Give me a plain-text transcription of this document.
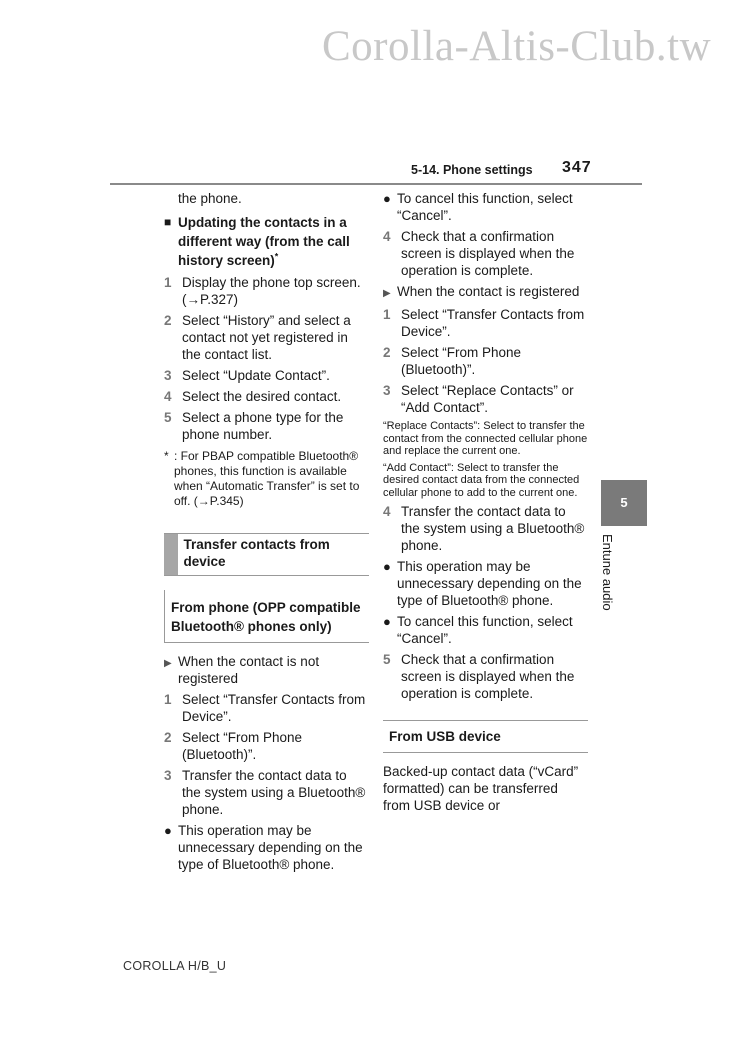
Corolla-Altis-Club.tw
5-14. Phone settings 347
the phone.
■ Updating the contacts in a different way (from the call history screen)*
1 Display the phone top screen. (→P.327)
2 Select “History” and select a contact not yet registered in the contact list.
3 Select “Update Contact”.
4 Select the desired contact.
5 Select a phone type for the phone number.
* : For PBAP compatible Bluetooth® phones, this function is available when “Automatic Transfer” is set to off. (→P.345)
Transfer contacts from device
From phone (OPP compatible Bluetooth® phones only)
▶ When the contact is not registered
1 Select “Transfer Contacts from Device”.
2 Select “From Phone (Bluetooth)”.
3 Transfer the contact data to the system using a Bluetooth® phone.
● This operation may be unnecessary depending on the type of Bluetooth® phone.
● To cancel this function, select “Cancel”.
4 Check that a confirmation screen is displayed when the operation is complete.
▶ When the contact is registered
1 Select “Transfer Contacts from Device”.
2 Select “From Phone (Bluetooth)”.
3 Select “Replace Contacts” or “Add Contact”.
“Replace Contacts”: Select to transfer the contact from the connected cellular phone and replace the current one.
“Add Contact”: Select to transfer the desired contact data from the connected cellular phone to add to the current one.
4 Transfer the contact data to the system using a Bluetooth® phone.
● This operation may be unnecessary depending on the type of Bluetooth® phone.
● To cancel this function, select “Cancel”.
5 Check that a confirmation screen is displayed when the operation is complete.
From USB device
Backed-up contact data (“vCard” formatted) can be transferred from USB device or
5
Entune audio
COROLLA H/B_U
